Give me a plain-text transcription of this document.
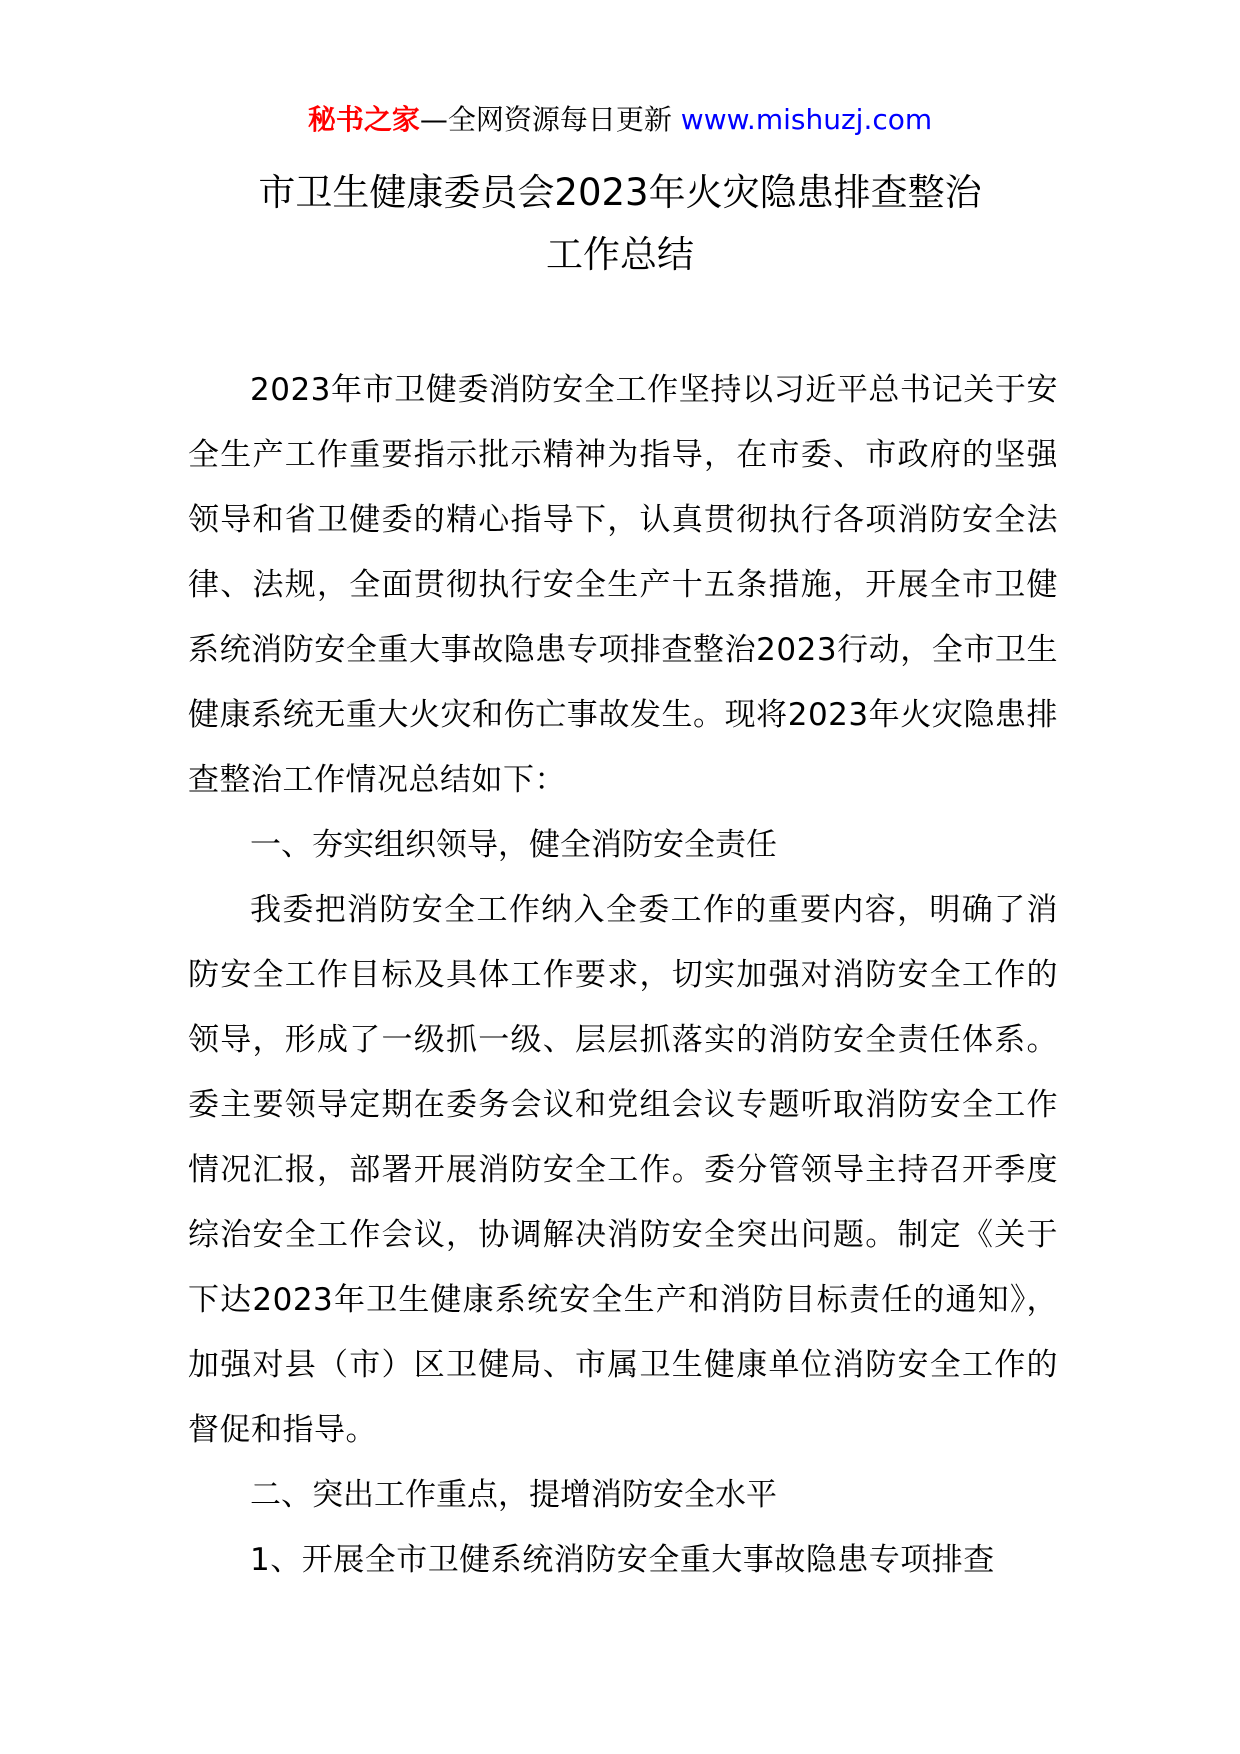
秘书之家—全网资源每日更新 www.mishuzj.com
市卫生健康委员会2023年火灾隐患排查整治
工作总结

2023年市卫健委消防安全工作坚持以习近平总书记关于安全生产工作重要指示批示精神为指导，在市委、市政府的坚强领导和省卫健委的精心指导下，认真贯彻执行各项消防安全法律、法规，全面贯彻执行安全生产十五条措施，开展全市卫健系统消防安全重大事故隐患专项排查整治2023行动，全市卫生健康系统无重大火灾和伤亡事故发生。现将2023年火灾隐患排查整治工作情况总结如下：

一、夯实组织领导，健全消防安全责任

我委把消防安全工作纳入全委工作的重要内容，明确了消防安全工作目标及具体工作要求，切实加强对消防安全工作的领导，形成了一级抓一级、层层抓落实的消防安全责任体系。委主要领导定期在委务会议和党组会议专题听取消防安全工作情况汇报，部署开展消防安全工作。委分管领导主持召开季度综治安全工作会议，协调解决消防安全突出问题。制定《关于下达2023年卫生健康系统安全生产和消防目标责任的通知》，加强对县（市）区卫健局、市属卫生健康单位消防安全工作的督促和指导。

二、突出工作重点，提增消防安全水平

1、开展全市卫健系统消防安全重大事故隐患专项排查
